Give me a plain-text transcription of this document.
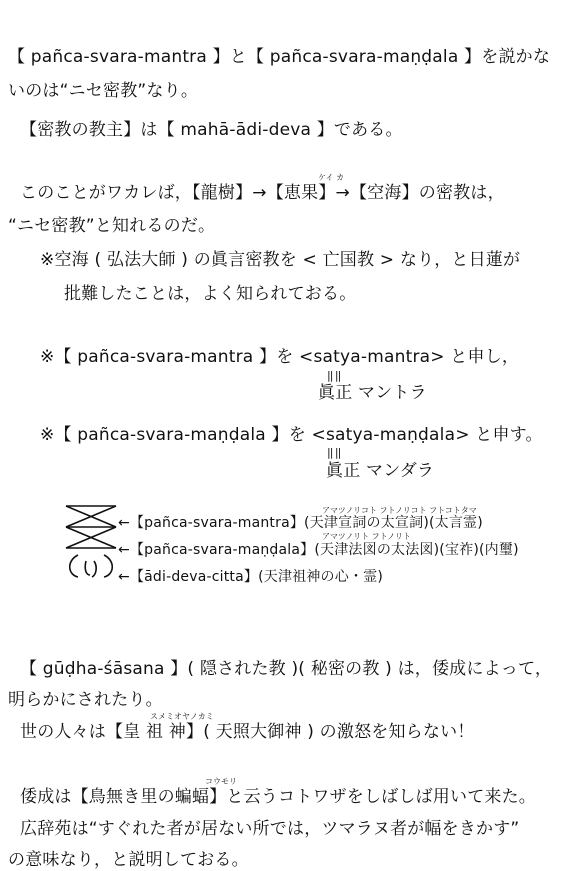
【 pañca-svara-mantra 】と【 pañca-svara-maṇḍala 】を説かな
いのは“ニセ密教”なり。
【密教の教主】は【 mahā-ādi-deva 】である。
ケイ カ
このことがワカレば，【龍樹】→【恵果】→【空海】の密教は，
“ニセ密教”と知れるのだ。
※空海 ( 弘法大師 ) の眞言密教を < 亡国教 > なり，と日蓮が
批難したことは，よく知られておる。
※【 pañca-svara-mantra 】を <satya-mantra> と申し，
|| ||
眞正 マントラ
※【 pañca-svara-maṇḍala 】を <satya-maṇḍala> と申す。
|| ||
眞正 マンダラ
アマツノリコト フトノリコト フトコトタマ
←【pañca-svara-mantra】(天津宣詞の太宣詞)(太言霊)
アマツノリト フトノリト
←【pañca-svara-maṇḍala】(天津法図の太法図)(宝祚)(内璽)
←【ādi-deva-citta】(天津祖神の心・霊)
【 gūḍha-śāsana 】( 隠された教 )( 秘密の教 ) は，倭成によって，
明らかにされたり。
スメミオヤノカミ
世の人々は【皇 祖 神】( 天照大御神 ) の激怒を知らない！
コウモリ
倭成は【鳥無き里の蝙蝠】と云うコトワザをしばしば用いて来た。
広辞苑は“すぐれた者が居ない所では，ツマラヌ者が幅をきかす”
の意味なり，と説明しておる。
